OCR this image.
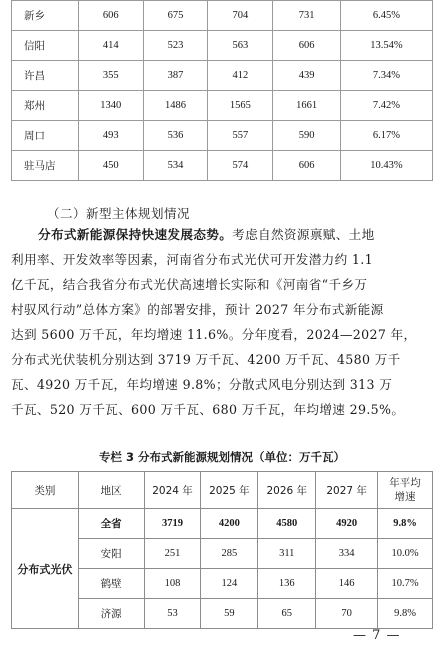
新乡	606	675	704	731	6.45%
信阳	414	523	563	606	13.54%
许昌	355	387	412	439	7.34%
郑州	1340	1486	1565	1661	7.42%
周口	493	536	557	590	6.17%
驻马店	450	534	574	606	10.43%
（二）新型主体规划情况
分布式新能源保持快速发展态势。考虑自然资源禀赋、土地
利用率、开发效率等因素，河南省分布式光伏可开发潜力约 1.1
亿千瓦，结合我省分布式光伏高速增长实际和《河南省“千乡万
村驭风行动”总体方案》的部署安排，预计 2027 年分布式新能源
达到 5600 万千瓦，年均增速 11.6%。分年度看，2024—2027 年，
分布式光伏装机分别达到 3719 万千瓦、4200 万千瓦、4580 万千
瓦、4920 万千瓦，年均增速 9.8%；分散式风电分别达到 313 万
千瓦、520 万千瓦、600 万千瓦、680 万千瓦，年均增速 29.5%。
专栏 3 分布式新能源规划情况（单位：万千瓦）
类别	地区	2024 年	2025 年	2026 年	2027 年	年平均
增速
分布式光伏	全省	3719	4200	4580	4920	9.8%
	安阳	251	285	311	334	10.0%
	鹤壁	108	124	136	146	10.7%
	济源	53	59	65	70	9.8%
— 7 —
